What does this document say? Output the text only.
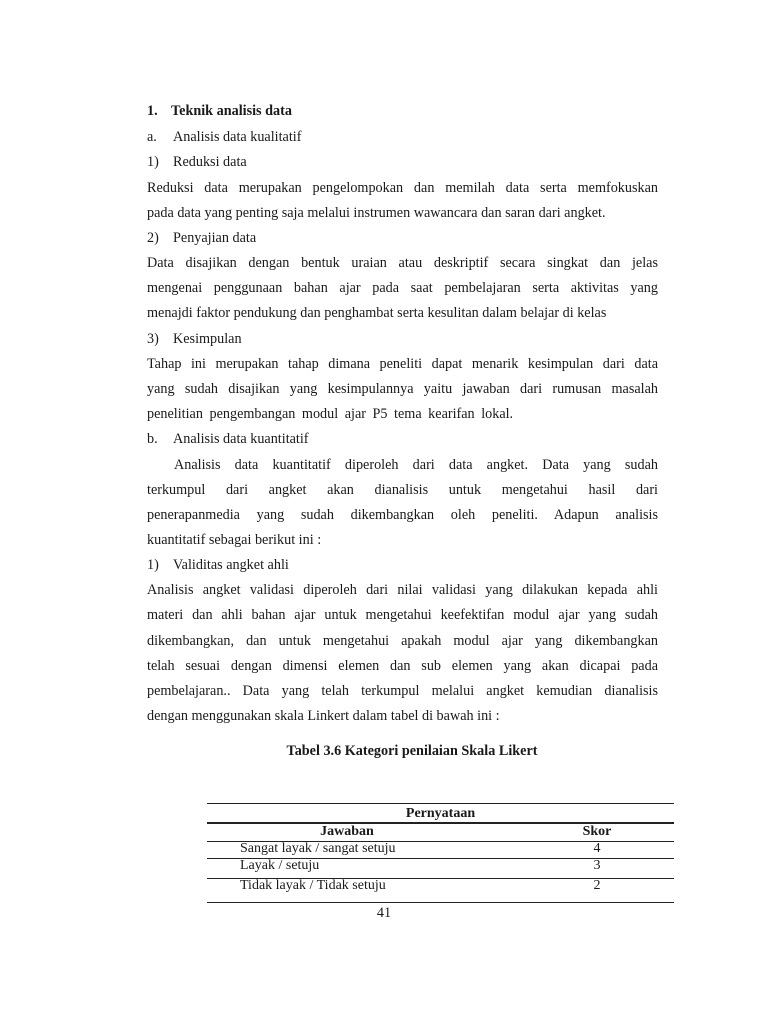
1. Teknik analisis data
a. Analisis data kualitatif
1) Reduksi data
Reduksi data merupakan pengelompokan dan memilah data serta memfokuskan
pada data yang penting saja melalui instrumen wawancara dan saran dari angket.
2) Penyajian data
Data disajikan dengan bentuk uraian atau deskriptif secara singkat dan jelas
mengenai penggunaan bahan ajar pada saat pembelajaran serta aktivitas yang
menajdi faktor pendukung dan penghambat serta kesulitan dalam belajar di kelas
3) Kesimpulan
Tahap ini merupakan tahap dimana peneliti dapat menarik kesimpulan dari data
yang sudah disajikan yang kesimpulannya yaitu jawaban dari rumusan masalah
penelitian pengembangan modul ajar P5 tema kearifan lokal.
b. Analisis data kuantitatif
Analisis data kuantitatif diperoleh dari data angket. Data yang sudah
terkumpul dari angket akan dianalisis untuk mengetahui hasil dari
penerapanmedia yang sudah dikembangkan oleh peneliti. Adapun analisis
kuantitatif sebagai berikut ini :
1) Validitas angket ahli
Analisis angket validasi diperoleh dari nilai validasi yang dilakukan kepada ahli
materi dan ahli bahan ajar untuk mengetahui keefektifan modul ajar yang sudah
dikembangkan, dan untuk mengetahui apakah modul ajar yang dikembangkan
telah sesuai dengan dimensi elemen dan sub elemen yang akan dicapai pada
pembelajaran.. Data yang telah terkumpul melalui angket kemudian dianalisis
dengan menggunakan skala Linkert dalam tabel di bawah ini :
Tabel 3.6 Kategori penilaian Skala Likert
Pernyataan
Jawaban	Skor
Sangat layak / sangat setuju	4
Layak / setuju	3
Tidak layak / Tidak setuju	2
41
